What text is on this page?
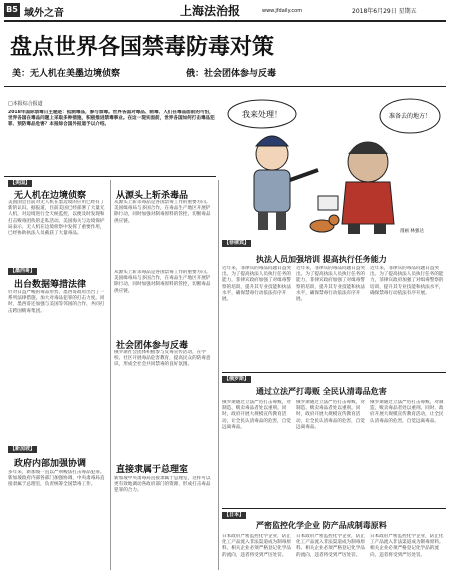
B5 域外之音	上海法治报	www.jfdaily.com	2018年6月29日 星期五
盘点世界各国禁毒防毒对策
美：无人机在美墨边境侦察	俄：社会团体参与反毒
□本报综合报道
2018年国际禁毒日主题是：抵制毒品，参与禁毒。世界各国对毒品、制毒、人们在毒品面前的可怕，世界各国在毒品问题上采取多种措施，积极推进禁毒事业。在这一现实面前，世界各国如何打击毒品犯罪、预防毒品危害？本报综合国外报道予以介绍。
我来处理！	准备去的地方！
漫画 林强达
【美国】
无人机在边境侦察	从源头上斩杀毒品
美国国会目前对无人机在墨边境的应用已经有了新的认识。据报道，目前美国已经部署了大量无人机，对边境进行全天候监控，以便及时发现和打击贩毒团伙的走私活动。美国海关与边境保护局表示，无人机在边境侦察中发挥了重要作用，已经协助执法人员截获了大量毒品。
从源头上斩杀毒品是各国禁毒工作的重要方向。美国缉毒局与多国合作，在毒品生产地区开展铲除行动，同时加强对制毒原料的管控，切断毒品供应链。
【墨西哥】
出台数据筹措法律
社会团体参与反毒
针对日益严峻的毒品形势，墨西哥政府出台了一系列法律措施，加大对毒品犯罪的打击力度。同时，墨西哥还加强与美国等邻国的合作，共同打击跨国贩毒集团。
从源头上斩杀毒品是各国禁毒工作的重要方向。美国缉毒局与多国合作，在毒品生产地区开展铲除行动，同时加强对制毒原料的管控，切断毒品供应链。
俄罗斯社会团体积极参与反毒宣传活动，在学校、社区开展毒品危害教育，提高民众的防毒意识，形成全社会共同禁毒的良好氛围。
【新加坡】
政府内部加强协调
直接隶属于总理室
多年来，新加坡一直以严刑峻法打击毒品犯罪。新加坡政府内部各部门加强协调，中央肃毒局直接隶属于总理室，负责统筹全国禁毒工作。
新加坡中央肃毒局直接隶属于总理室，这样可以更有效地调动各政府部门的资源，形成打击毒品犯罪的合力。
【菲律宾】
执法人员加强培训 提高执行任务能力
近年来，菲律宾的毒品问题日益突出。为了提高执法人员执行任务的能力，菲律宾政府加强了对缉毒警察的培训，提升其专业技能和执法水平，确保禁毒行动依法有序开展。
近年来，菲律宾的毒品问题日益突出。为了提高执法人员执行任务的能力，菲律宾政府加强了对缉毒警察的培训，提升其专业技能和执法水平，确保禁毒行动依法有序开展。
近年来，菲律宾的毒品问题日益突出。为了提高执法人员执行任务的能力，菲律宾政府加强了对缉毒警察的培训，提升其专业技能和执法水平，确保禁毒行动依法有序开展。
【俄罗斯】
通过立法严打毒贩 全民认清毒品危害
俄罗斯通过立法严厉打击毒贩，对制造、贩卖毒品者处以重刑。同时，政府开展大规模宣传教育活动，让全民认清毒品的危害，自觉远离毒品。
俄罗斯通过立法严厉打击毒贩，对制造、贩卖毒品者处以重刑。同时，政府开展大规模宣传教育活动，让全民认清毒品的危害，自觉远离毒品。
俄罗斯通过立法严厉打击毒贩，对制造、贩卖毒品者处以重刑。同时，政府开展大规模宣传教育活动，让全民认清毒品的危害，自觉远离毒品。
【日本】
严密监控化学企业 防产品成制毒原料
日本政府严密监控化学企业，防止化工产品流入非法渠道成为制毒原料。相关企业必须严格登记化学品的流向，违者将受到严厉处罚。
日本政府严密监控化学企业，防止化工产品流入非法渠道成为制毒原料。相关企业必须严格登记化学品的流向，违者将受到严厉处罚。
日本政府严密监控化学企业，防止化工产品流入非法渠道成为制毒原料。相关企业必须严格登记化学品的流向，违者将受到严厉处罚。
